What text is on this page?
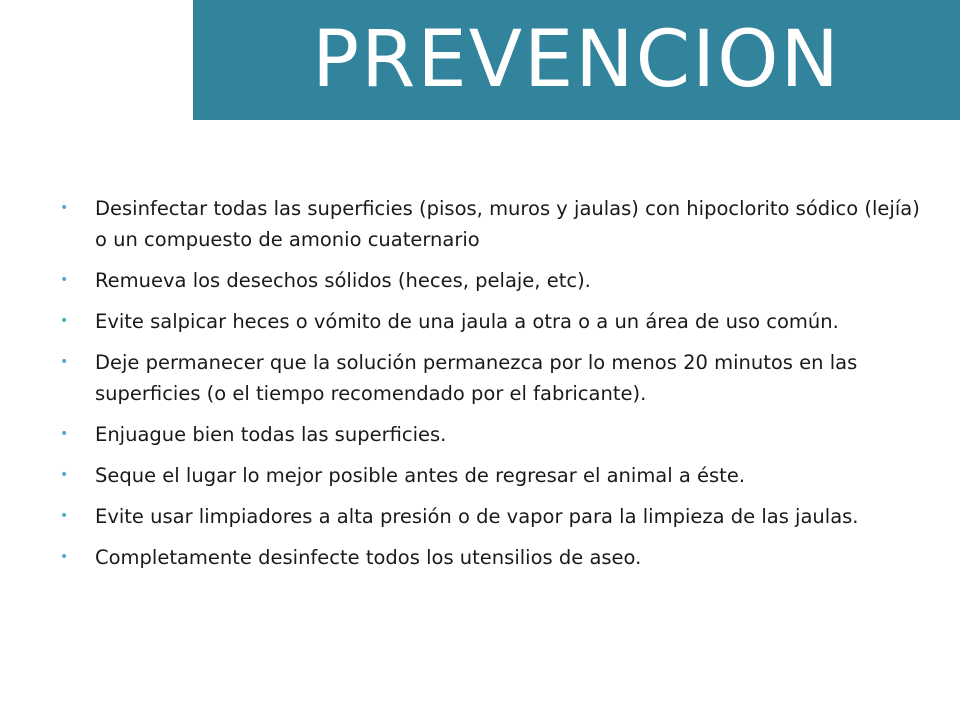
PREVENCION
• Desinfectar todas las superficies (pisos, muros y jaulas) con hipoclorito sódico (lejía) o un compuesto de amonio cuaternario
• Remueva los desechos sólidos (heces, pelaje, etc).
• Evite salpicar heces o vómito de una jaula a otra o a un área de uso común.
• Deje permanecer que la solución permanezca por lo menos 20 minutos en las superficies (o el tiempo recomendado por el fabricante).
• Enjuague bien todas las superficies.
• Seque el lugar lo mejor posible antes de regresar el animal a éste.
• Evite usar limpiadores a alta presión o de vapor para la limpieza de las jaulas.
• Completamente desinfecte todos los utensilios de aseo.
